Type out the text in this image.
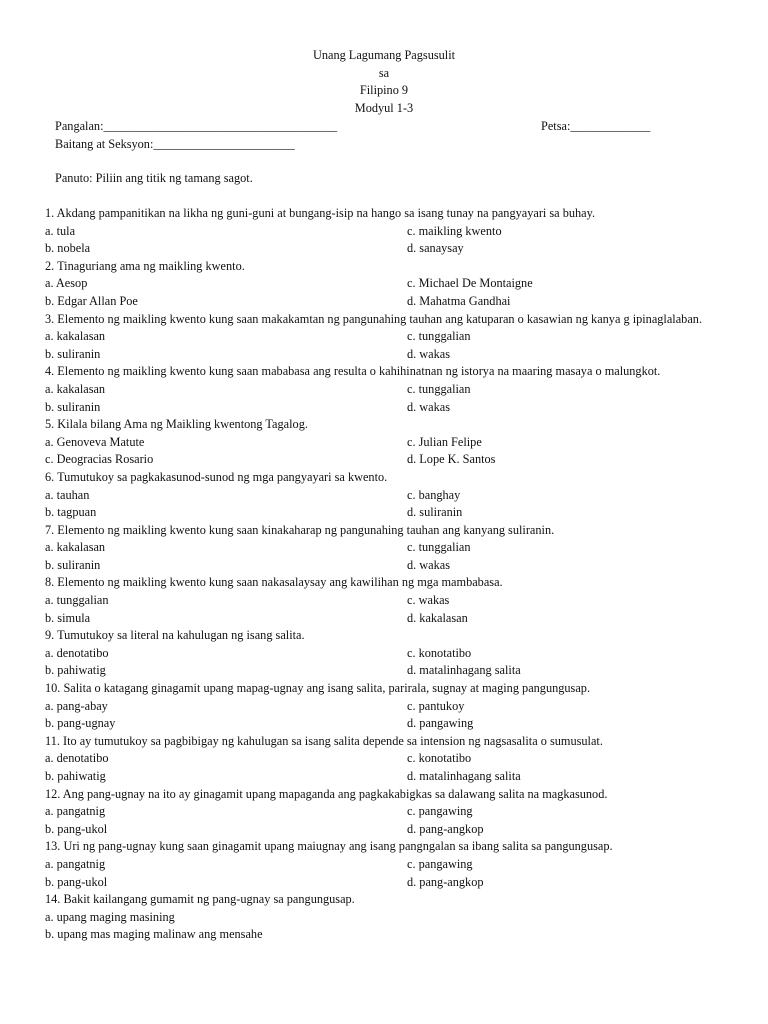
Unang Lagumang Pagsusulit
sa
Filipino 9
Modyul 1-3
Pangalan:______________________________________	Petsa:_____________
Baitang at Seksyon:_______________________
Panuto: Piliin ang titik ng tamang sagot.
1. Akdang pampanitikan na likha ng guni-guni at bungang-isip na hango sa isang tunay na pangyayari sa buhay.
a. tula	c. maikling kwento
b. nobela	d. sanaysay
2. Tinaguriang ama ng maikling kwento.
a. Aesop	c. Michael De Montaigne
b. Edgar Allan Poe	d. Mahatma Gandhai
3. Elemento ng maikling kwento kung saan makakamtan ng pangunahing tauhan ang katuparan o kasawian ng kanya g ipinaglalaban.
a. kakalasan	c. tunggalian
b. suliranin	d. wakas
4. Elemento ng maikling kwento kung saan mababasa ang resulta o kahihinatnan ng istorya na maaring masaya o malungkot.
a. kakalasan	c. tunggalian
b. suliranin	d. wakas
5. Kilala bilang Ama ng Maikling kwentong Tagalog.
a. Genoveva Matute	c. Julian Felipe
c. Deogracias Rosario	d. Lope K. Santos
6. Tumutukoy sa pagkakasunod-sunod ng mga pangyayari sa kwento.
a. tauhan	c. banghay
b. tagpuan	d. suliranin
7. Elemento ng maikling kwento kung saan kinakaharap ng pangunahing tauhan ang kanyang suliranin.
a. kakalasan	c. tunggalian
b. suliranin	d. wakas
8. Elemento ng maikling kwento kung saan nakasalaysay ang kawilihan ng mga mambabasa.
a. tunggalian	c. wakas
b. simula	d. kakalasan
9. Tumutukoy sa literal na kahulugan ng isang salita.
a. denotatibo	c. konotatibo
b. pahiwatig	d. matalinhagang salita
10. Salita o katagang ginagamit upang mapag-ugnay ang isang salita, parirala, sugnay at maging pangungusap.
a. pang-abay	c. pantukoy
b. pang-ugnay	d. pangawing
11. Ito ay tumutukoy sa pagbibigay ng kahulugan sa isang salita depende sa intension ng nagsasalita o sumusulat.
a. denotatibo	c. konotatibo
b. pahiwatig	d. matalinhagang salita
12. Ang pang-ugnay na ito ay ginagamit upang mapaganda ang pagkakabigkas sa dalawang salita na magkasunod.
a. pangatnig	c. pangawing
b. pang-ukol	d. pang-angkop
13. Uri ng pang-ugnay kung saan ginagamit upang maiugnay ang isang pangngalan sa ibang salita sa pangungusap.
a. pangatnig	c. pangawing
b. pang-ukol	d. pang-angkop
14. Bakit kailangang gumamit ng pang-ugnay sa pangungusap.
a. upang maging masining
b. upang mas maging malinaw ang mensahe
